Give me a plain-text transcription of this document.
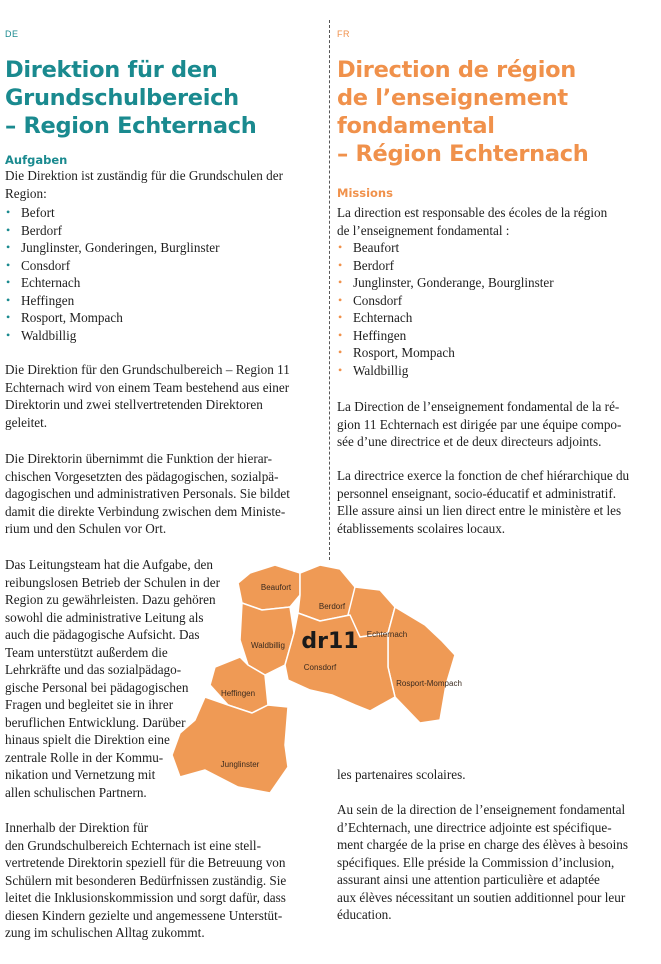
DE
Direktion für den
Grundschulbereich
– Region Echternach
Aufgaben

Die Direktion ist zuständig für die Grundschulen der
Region:

• Befort
• Berdorf
• Junglinster, Gonderingen, Burglinster
• Consdorf
• Echternach
• Heffingen
• Rosport, Mompach
• Waldbillig

Die Direktion für den Grundschulbereich – Region 11
Echternach wird von einem Team bestehend aus einer
Direktorin und zwei stellvertretenden Direktoren
geleitet.

Die Direktorin übernimmt die Funktion der hierar-
chischen Vorgesetzten des pädagogischen, sozialpä-
dagogischen und administrativen Personals. Sie bildet
damit die direkte Verbindung zwischen dem Ministe-
rium und den Schulen vor Ort.

Das Leitungsteam hat die Aufgabe, den
reibungslosen Betrieb der Schulen in der
Region zu gewährleisten. Dazu gehören
sowohl die administrative Leitung als
auch die pädagogische Aufsicht. Das
Team unterstützt außerdem die
Lehrkräfte und das sozialpädago-
gische Personal bei pädagogischen
Fragen und begleitet sie in ihrer
beruflichen Entwicklung. Darüber
hinaus spielt die Direktion eine
zentrale Rolle in der Kommu-
nikation und Vernetzung mit
allen schulischen Partnern.

Innerhalb der Direktion für
den Grundschulbereich Echternach ist eine stell-
vertretende Direktorin speziell für die Betreuung von
Schülern mit besonderen Bedürfnissen zuständig. Sie
leitet die Inklusionskommission und sorgt dafür, dass
diesen Kindern gezielte und angemessene Unterstüt-
zung im schulischen Alltag zukommt.

FR
Direction de région
de l’enseignement
fondamental
– Région Echternach
Missions

La direction est responsable des écoles de la région
de l’enseignement fondamental :

• Beaufort
• Berdorf
• Junglinster, Gonderange, Bourglinster
• Consdorf
• Echternach
• Heffingen
• Rosport, Mompach
• Waldbillig

La Direction de l’enseignement fondamental de la ré-
gion 11 Echternach est dirigée par une équipe compo-
sée d’une directrice et de deux directeurs adjoints.

La directrice exerce la fonction de chef hiérarchique du
personnel enseignant, socio-éducatif et administratif.
Elle assure ainsi un lien direct entre le ministère et les
établissements scolaires locaux.

les partenaires scolaires.

Au sein de la direction de l’enseignement fondamental
d’Echternach, une directrice adjointe est spécifique-
ment chargée de la prise en charge des élèves à besoins
spécifiques. Elle préside la Commission d’inclusion,
assurant ainsi une attention particulière et adaptée
aux élèves nécessitant un soutien additionnel pour leur
éducation.

Beaufort
Berdorf
Echternach
Waldbillig
Consdorf
Rosport-Mompach
Heffingen
Junglinster
dr11
